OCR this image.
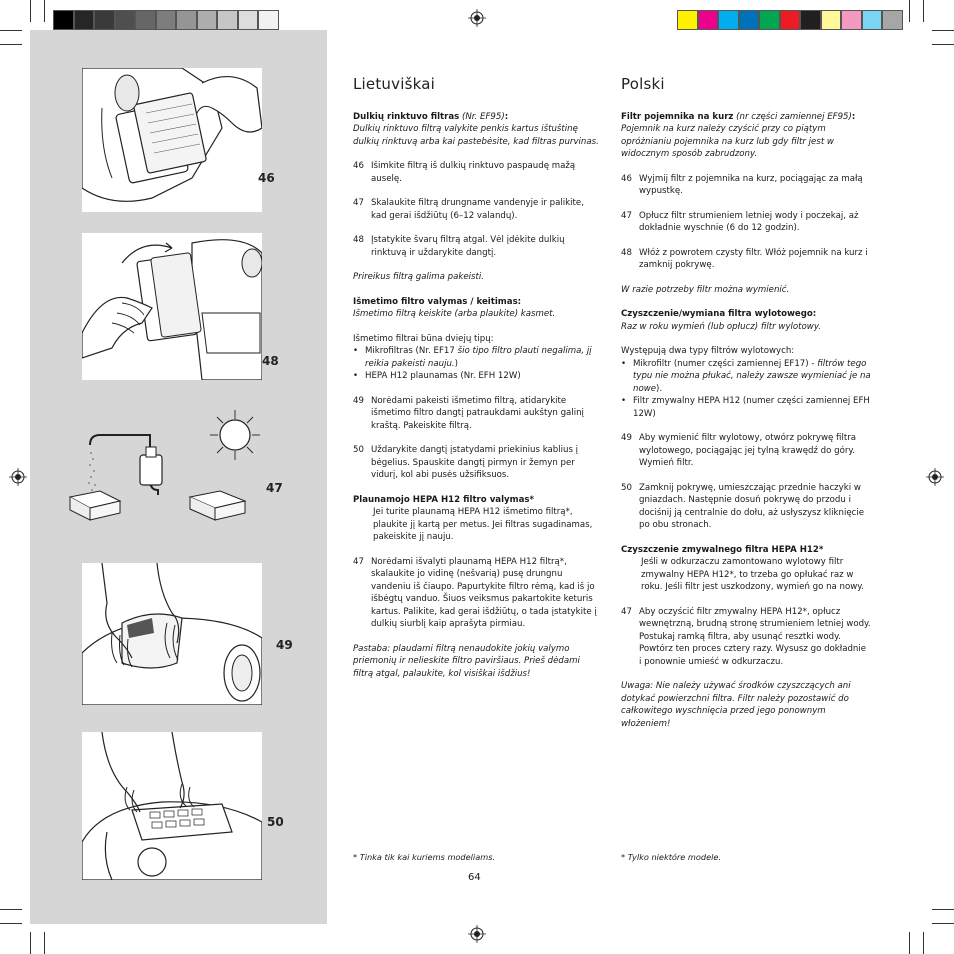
46
48
47
49
50
Lietuviškai

Dulkių rinktuvo filtras (Nr. EF95):

Dulkių rinktuvo filtrą valykite penkis kartus ištuštinę dulkių rinktuvą arba kai pastebėsite, kad filtras purvinas.

46 Išimkite filtrą iš dulkių rinktuvo paspaudę mažą auselę.
47 Skalaukite filtrą drungname vandenyje ir palikite, kad gerai išdžiūtų (6–12 valandų).
48 Įstatykite švarų filtrą atgal. Vėl įdėkite dulkių rinktuvą ir uždarykite dangtį.

Prireikus filtrą galima pakeisti.

Išmetimo filtro valymas / keitimas:

Išmetimo filtrą keiskite (arba plaukite) kasmet.

Išmetimo filtrai būna dviejų tipų:

• Mikrofiltras (Nr. EF17 šio tipo filtro plauti negalima, jį reikia pakeisti nauju.)
• HEPA H12 plaunamas (Nr. EFH 12W)
49 Norėdami pakeisti išmetimo filtrą, atidarykite išmetimo filtro dangtį patraukdami aukštyn galinį kraštą. Pakeiskite filtrą.
50 Uždarykite dangtį įstatydami priekinius kablius į bėgelius. Spauskite dangtį pirmyn ir žemyn per vidurį, kol abi pusės užsifiksuos.

Plaunamojo HEPA H12 filtro valymas*

Jei turite plaunamą HEPA H12 išmetimo filtrą*, plaukite jį kartą per metus. Jei filtras sugadinamas, pakeiskite jį nauju.

47 Norėdami išvalyti plaunamą HEPA H12 filtrą*, skalaukite jo vidinę (nešvarią) pusę drungnu vandeniu iš čiaupo. Papurtykite filtro rėmą, kad iš jo išbėgtų vanduo. Šiuos veiksmus pakartokite keturis kartus. Palikite, kad gerai išdžiūtų, o tada įstatykite į dulkių siurblį kaip aprašyta pirmiau.

Pastaba: plaudami filtrą nenaudokite jokių valymo priemonių ir nelieskite filtro paviršiaus. Prieš dėdami filtrą atgal, palaukite, kol visiškai išdžius!

* Tinka tik kai kuriems modeliams.
Polski

Filtr pojemnika na kurz (nr części zamiennej EF95):

Pojemnik na kurz należy czyścić przy co piątym opróżnianiu pojemnika na kurz lub gdy filtr jest w widocznym sposób zabrudzony.

46 Wyjmij filtr z pojemnika na kurz, pociągając za małą wypustkę.
47 Opłucz filtr strumieniem letniej wody i poczekaj, aż dokładnie wyschnie (6 do 12 godzin).
48 Włóż z powrotem czysty filtr. Włóż pojemnik na kurz i zamknij pokrywę.

W razie potrzeby filtr można wymienić.

Czyszczenie/wymiana filtra wylotowego:

Raz w roku wymień (lub opłucz) filtr wylotowy.

Występują dwa typy filtrów wylotowych:

• Mikrofiltr (numer części zamiennej EF17) - filtrów tego typu nie można płukać, należy zawsze wymieniać je na nowe).
• Filtr zmywalny HEPA H12 (numer części zamiennej EFH 12W)
49 Aby wymienić filtr wylotowy, otwórz pokrywę filtra wylotowego, pociągając jej tylną krawędź do góry. Wymień filtr.
50 Zamknij pokrywę, umieszczając przednie haczyki w gniazdach. Następnie dosuń pokrywę do przodu i dociśnij ją centralnie do dołu, aż usłyszysz kliknięcie po obu stronach.

Czyszczenie zmywalnego filtra HEPA H12*

Jeśli w odkurzaczu zamontowano wylotowy filtr zmywalny HEPA H12*, to trzeba go opłukać raz w roku. Jeśli filtr jest uszkodzony, wymień go na nowy.

47 Aby oczyścić filtr zmywalny HEPA H12*, opłucz wewnętrzną, brudną stronę strumieniem letniej wody. Postukaj ramką filtra, aby usunąć resztki wody. Powtórz ten proces cztery razy. Wysusz go dokładnie i ponownie umieść w odkurzaczu.

Uwaga: Nie należy używać środków czyszczących ani dotykać powierzchni filtra. Filtr należy pozostawić do całkowitego wyschnięcia przed jego ponownym włożeniem!

* Tylko niektóre modele.
64
